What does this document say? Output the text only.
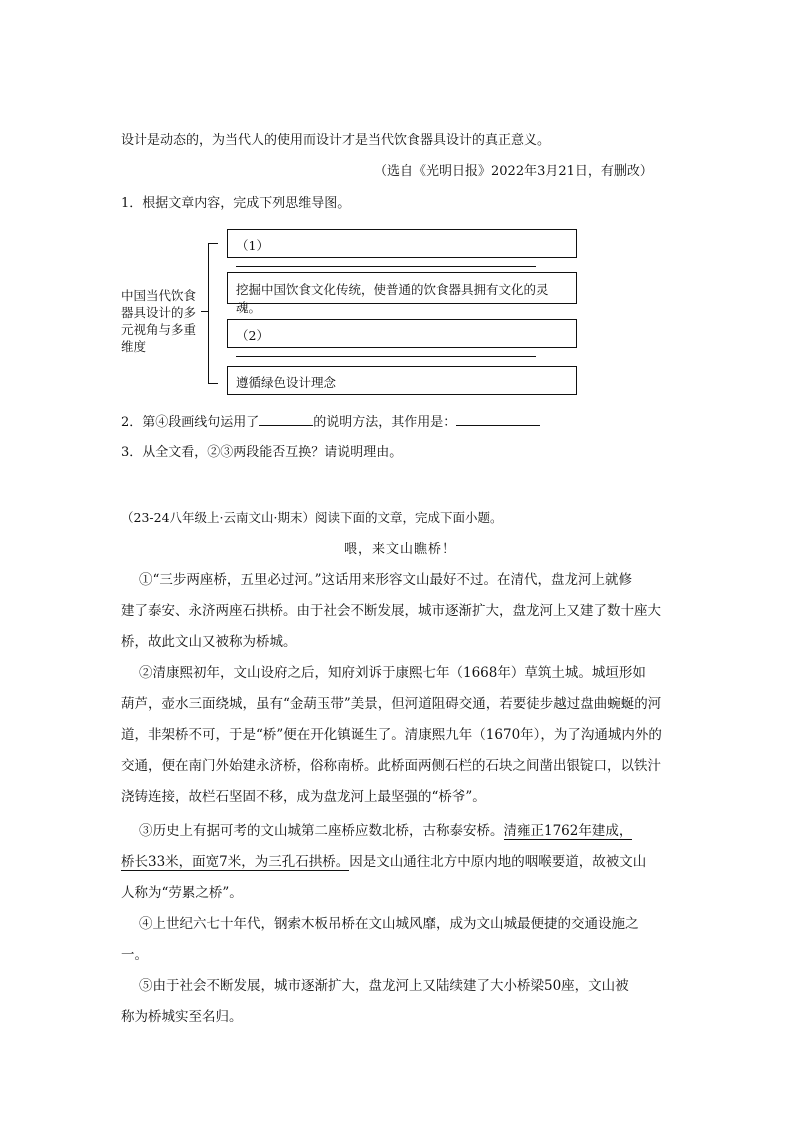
设计是动态的，为当代人的使用而设计才是当代饮食器具设计的真正意义。
（选自《光明日报》2022年3月21日，有删改）
1．根据文章内容，完成下列思维导图。
中国当代饮食器具设计的多元视角与多重维度
（1）
挖掘中国饮食文化传统，使普通的饮食器具拥有文化的灵魂。
（2）
遵循绿色设计理念
2．第④段画线句运用了	的说明方法，其作用是：
3．从全文看，②③两段能否互换？请说明理由。
（23-24八年级上·云南文山·期末）阅读下面的文章，完成下面小题。
喂，来文山瞧桥！
①“三步两座桥，五里必过河。”这话用来形容文山最好不过。在清代，盘龙河上就修
建了泰安、永济两座石拱桥。由于社会不断发展，城市逐渐扩大，盘龙河上又建了数十座大
桥，故此文山又被称为桥城。
②清康熙初年，文山设府之后，知府刘诉于康熙七年（1668年）草筑土城。城垣形如
葫芦，壶水三面绕城，虽有“金葫玉带”美景，但河道阻碍交通，若要徒步越过盘曲蜿蜒的河
道，非架桥不可，于是“桥”便在开化镇诞生了。清康熙九年（1670年），为了沟通城内外的
交通，便在南门外始建永济桥，俗称南桥。此桥面两侧石栏的石块之间凿出银锭口，以铁汁
浇铸连接，故栏石坚固不移，成为盘龙河上最坚强的“桥爷”。
③历史上有据可考的文山城第二座桥应数北桥，古称泰安桥。清雍正1762年建成，
桥长33米，面宽7米，为三孔石拱桥。因是文山通往北方中原内地的咽喉要道，故被文山
人称为“劳累之桥”。
④上世纪六七十年代，钢索木板吊桥在文山城风靡，成为文山城最便捷的交通设施之
一。
⑤由于社会不断发展，城市逐渐扩大，盘龙河上又陆续建了大小桥梁50座，文山被
称为桥城实至名归。
